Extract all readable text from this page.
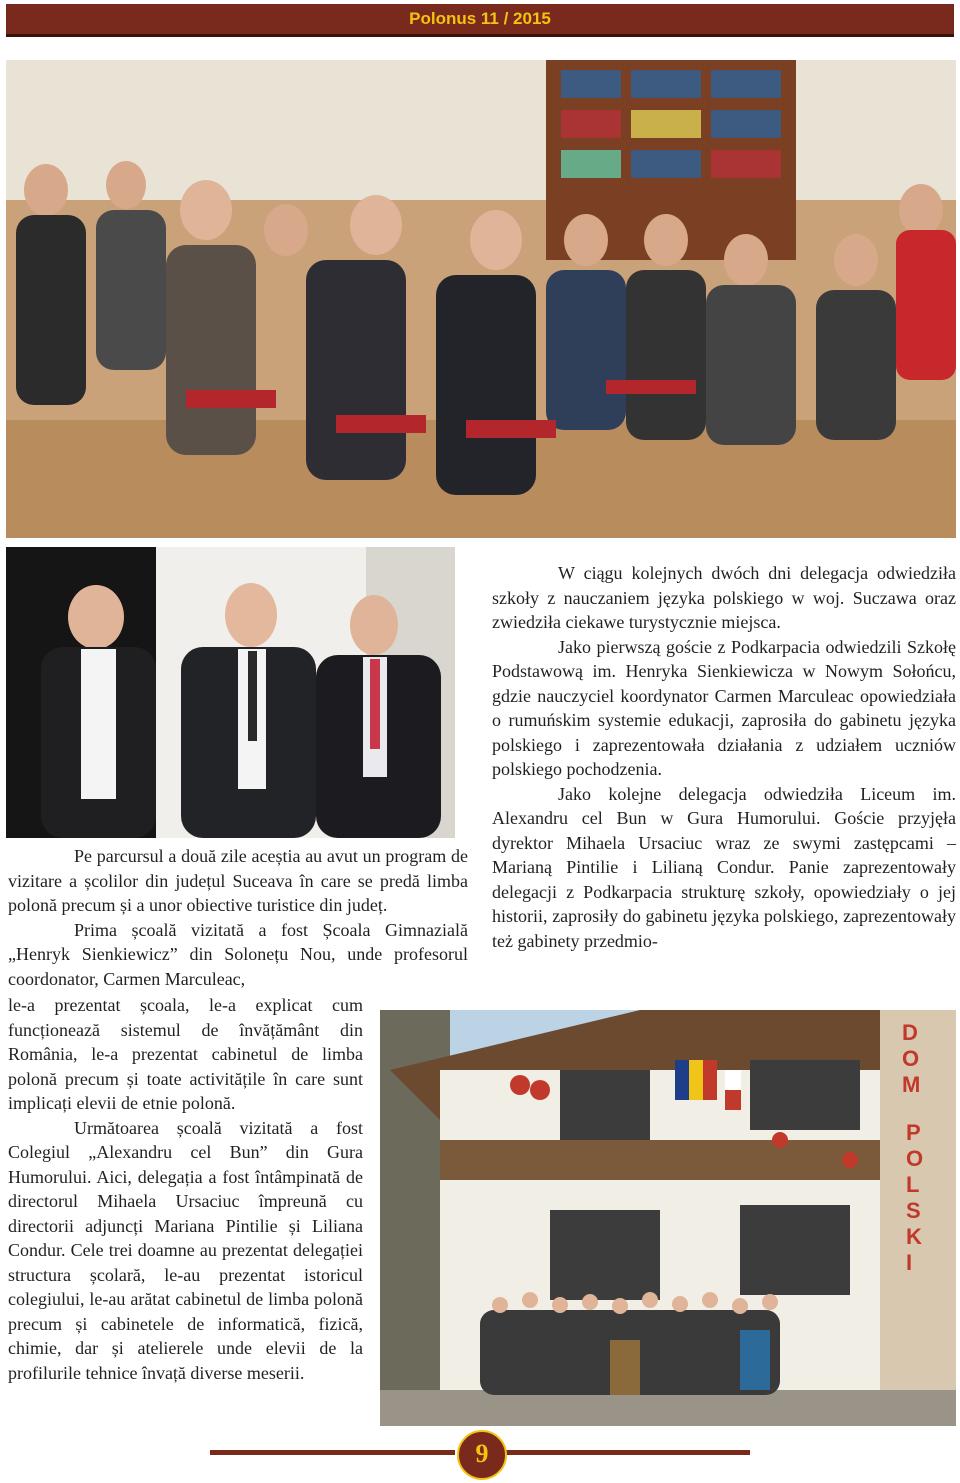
Polonus 11 / 2015
D
O
M
P
O
L
S
K
I

Pe parcursul a două zile aceștia au avut un program de vizitare a școlilor din județul Suceava în care se predă limba polonă precum și a unor obiective turistice din județ.

Prima școală vizitată a fost Școala Gimnazială „Henryk Sienkiewicz” din Solonețu Nou, unde profesorul coordonator, Carmen Marculeac,

le-a prezentat școala, le-a explicat cum funcționează sistemul de învățământ din România, le-a prezentat cabinetul de limba polonă precum și toate activitățile în care sunt implicați elevii de etnie polonă.

Următoarea școală vizitată a fost Colegiul „Alexandru cel Bun” din Gura Humorului. Aici, delegația a fost întâmpinată de directorul Mihaela Ursaciuc împreună cu directorii adjuncți Mariana Pintilie și Liliana Condur. Cele trei doamne au prezentat delegației structura școlară, le-au prezentat istoricul colegiului, le-au arătat cabinetul de limba polonă precum și cabinetele de informatică, fizică, chimie, dar și atelierele unde elevii de la profilurile tehnice învață diverse meserii.

W ciągu kolejnych dwóch dni delegacja odwiedziła szkoły z nauczaniem języka polskiego w woj. Suczawa oraz zwiedziła ciekawe turystycznie miejsca.

Jako pierwszą goście z Podkarpacia odwiedzili Szkołę Podstawową im. Henryka Sienkiewicza w Nowym Sołońcu, gdzie nauczyciel koordynator Carmen Marculeac opowiedziała o rumuńskim systemie edukacji, zaprosiła do gabinetu języka polskiego i zaprezentowała działania z udziałem uczniów polskiego pochodzenia.

Jako kolejne delegacja odwiedziła Liceum im. Alexandru cel Bun w Gura Humorului. Goście przyjęła dyrektor Mihaela Ursaciuc wraz ze swymi zastępcami – Marianą Pintilie i Lilianą Condur. Panie zaprezentowały delegacji z Podkarpacia strukturę szkoły, opowiedziały o jej historii, zaprosiły do gabinetu języka polskiego, zaprezentowały też gabinety przedmio-

9
